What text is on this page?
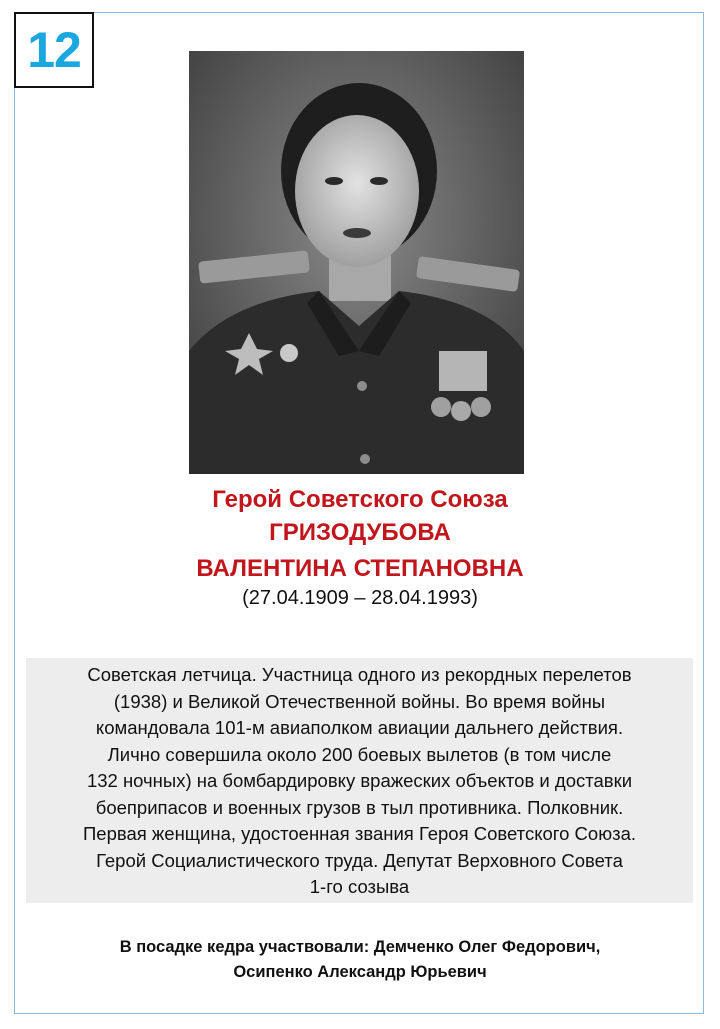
12
Герой Советского Союза
ГРИЗОДУБОВА
ВАЛЕНТИНА СТЕПАНОВНА
(27.04.1909 – 28.04.1993)
Советская летчица. Участница одного из рекордных перелетов
(1938) и Великой Отечественной войны. Во время войны
командовала 101-м авиаполком авиации дальнего действия.
Лично совершила около 200 боевых вылетов (в том числе
132 ночных) на бомбардировку вражеских объектов и доставки
боеприпасов и военных грузов в тыл противника. Полковник.
Первая женщина, удостоенная звания Героя Советского Союза.
Герой Социалистического труда. Депутат Верховного Совета
1-го созыва
В посадке кедра участвовали: Демченко Олег Федорович,
Осипенко Александр Юрьевич
